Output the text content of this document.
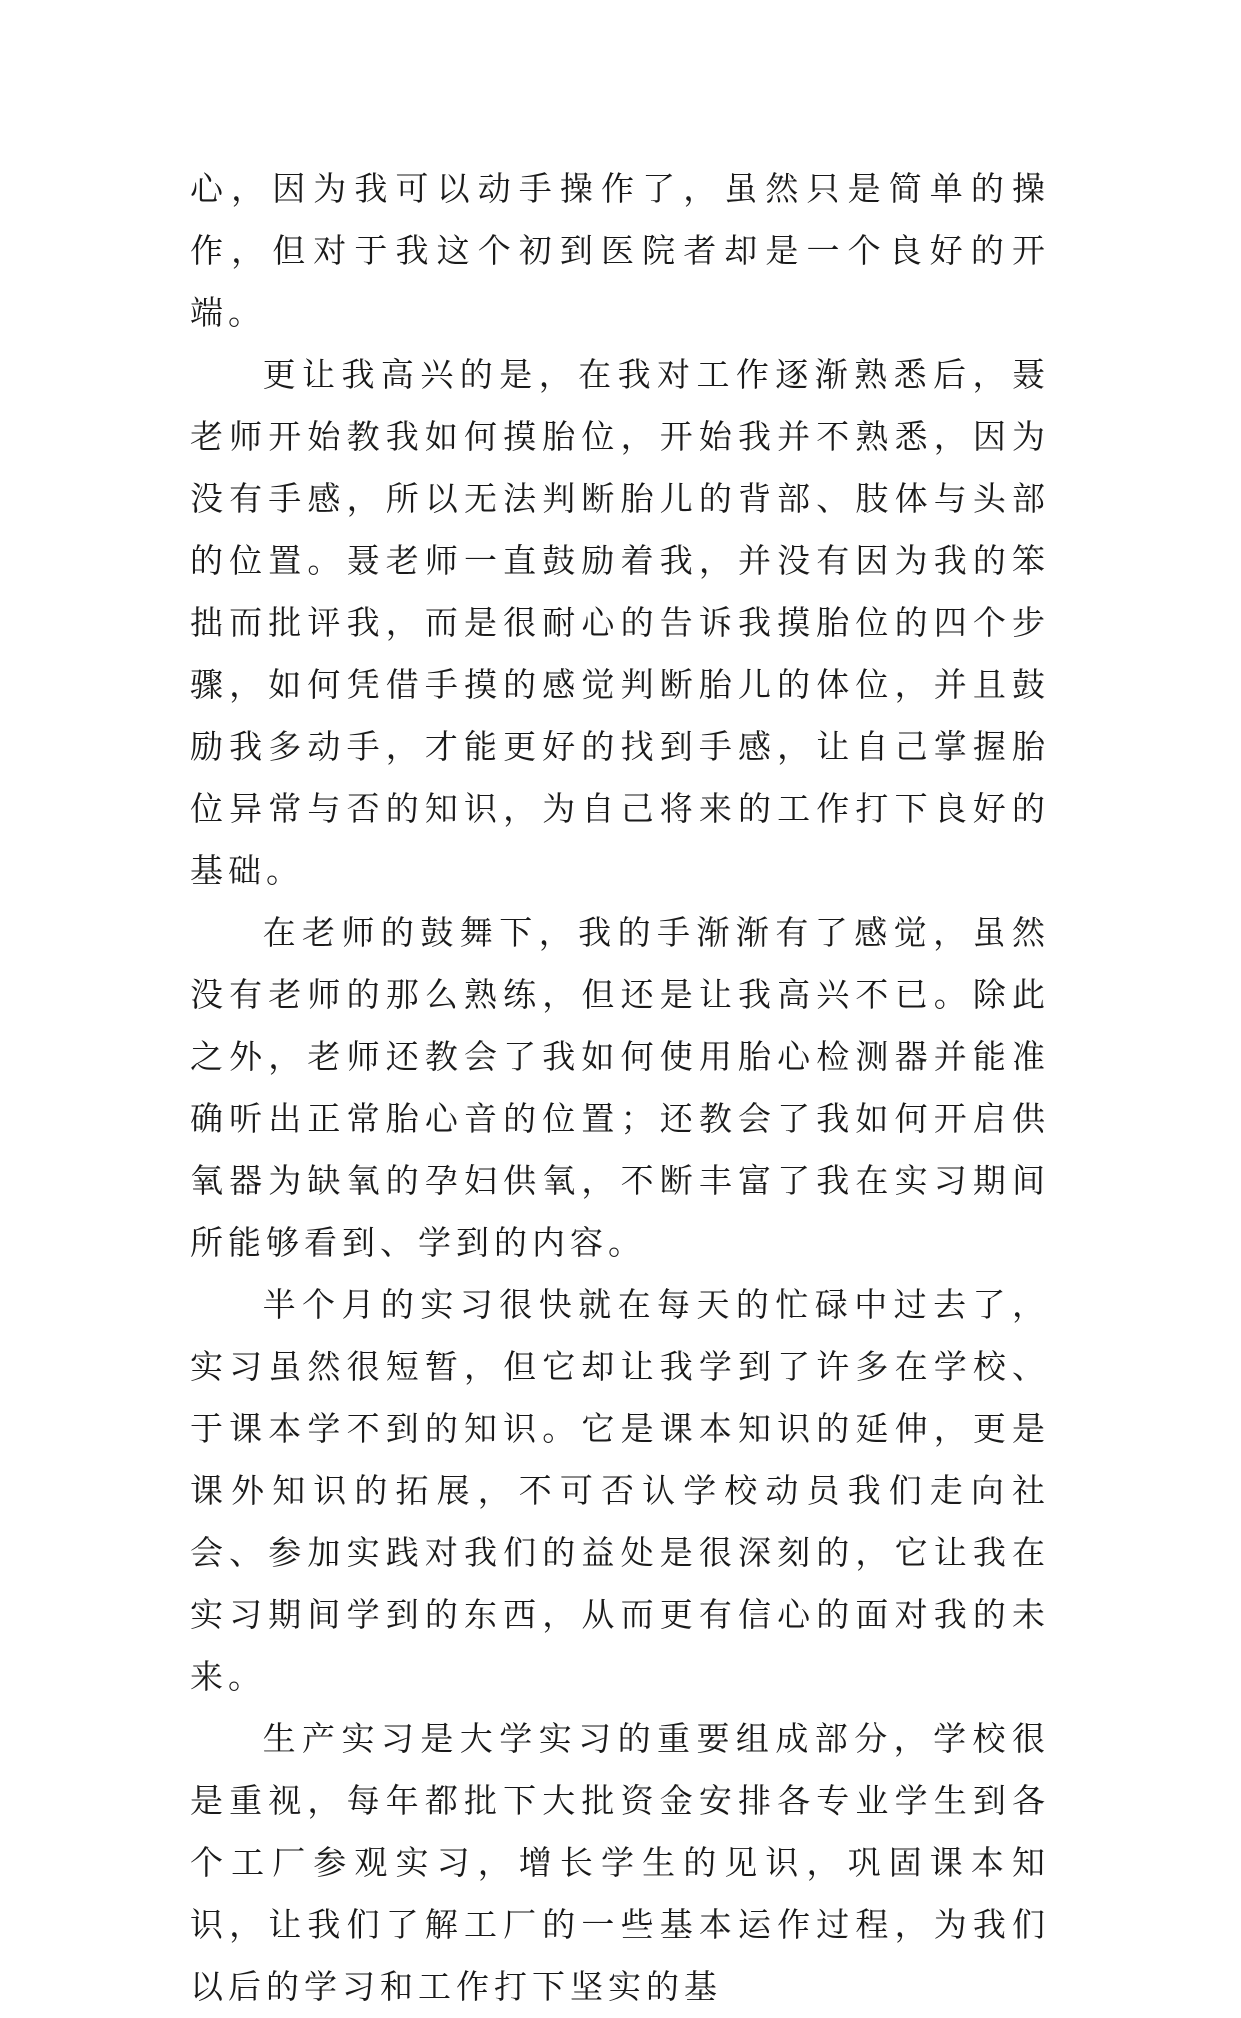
心，因为我可以动手操作了，虽然只是简单的操作，但对于我这个初到医院者却是一个良好的开端。

更让我高兴的是，在我对工作逐渐熟悉后，聂老师开始教我如何摸胎位，开始我并不熟悉，因为没有手感，所以无法判断胎儿的背部、肢体与头部的位置。聂老师一直鼓励着我，并没有因为我的笨拙而批评我，而是很耐心的告诉我摸胎位的四个步骤，如何凭借手摸的感觉判断胎儿的体位，并且鼓励我多动手，才能更好的找到手感，让自己掌握胎位异常与否的知识，为自己将来的工作打下良好的基础。

在老师的鼓舞下，我的手渐渐有了感觉，虽然没有老师的那么熟练，但还是让我高兴不已。除此之外，老师还教会了我如何使用胎心检测器并能准确听出正常胎心音的位置；还教会了我如何开启供氧器为缺氧的孕妇供氧，不断丰富了我在实习期间所能够看到、学到的内容。

半个月的实习很快就在每天的忙碌中过去了，实习虽然很短暂，但它却让我学到了许多在学校、于课本学不到的知识。它是课本知识的延伸，更是课外知识的拓展，不可否认学校动员我们走向社会、参加实践对我们的益处是很深刻的，它让我在实习期间学到的东西，从而更有信心的面对我的未来。

生产实习是大学实习的重要组成部分，学校很是重视，每年都批下大批资金安排各专业学生到各个工厂参观实习，增长学生的见识，巩固课本知识，让我们了解工厂的一些基本运作过程，为我们以后的学习和工作打下坚实的基
